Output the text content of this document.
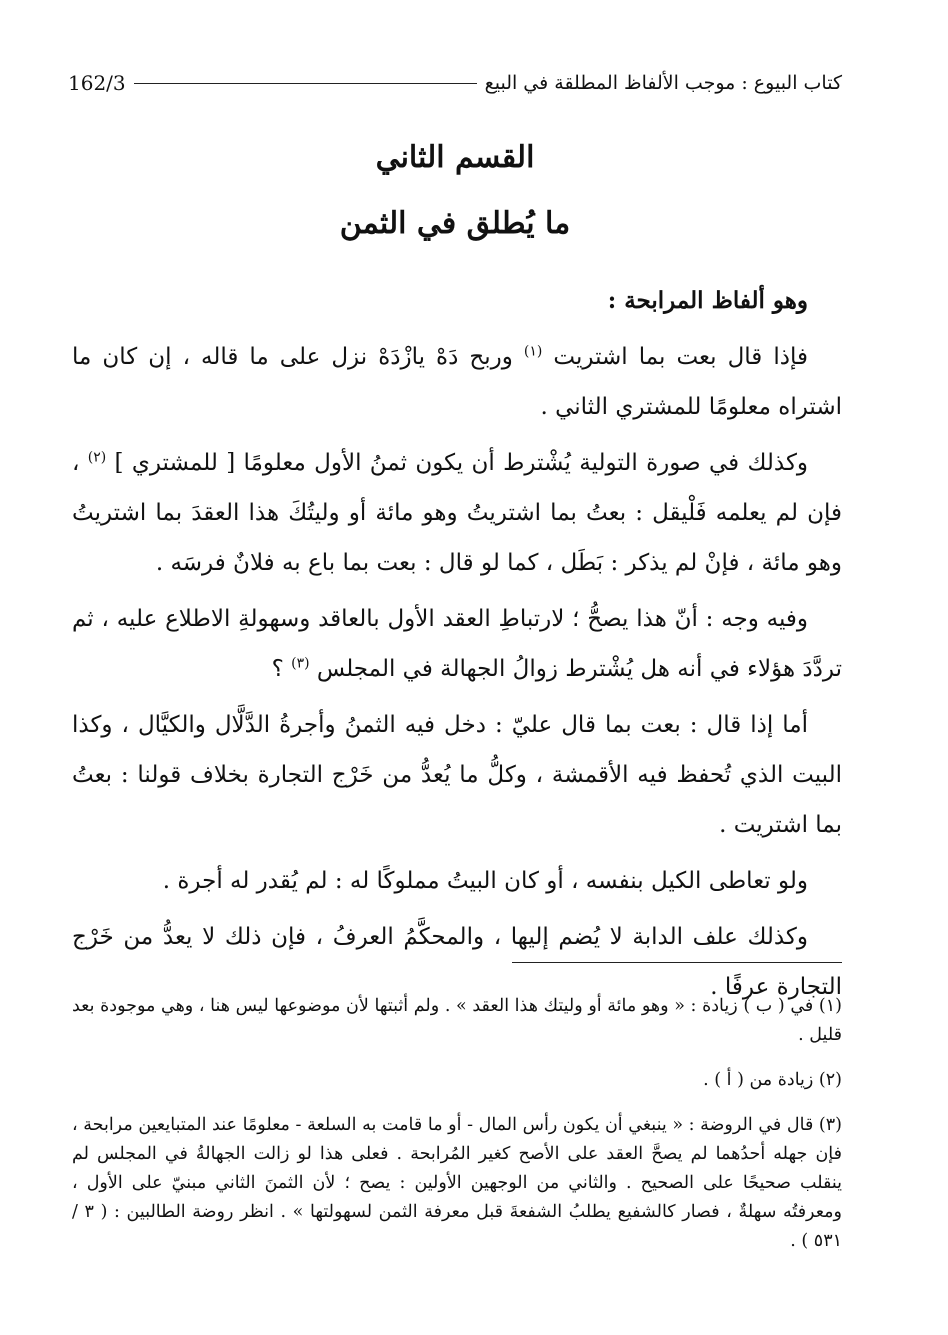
كتاب البيوع : موجب الألفاظ المطلقة في البيع
162/3
القسم الثاني
ما يُطلق في الثمن

وهو ألفاظ المرابحة :

فإذا قال بعت بما اشتريت $^{(١)}$ وربح دَهْ يازْدَهْ نزل على ما قاله ، إن كان ما اشتراه معلومًا للمشتري الثاني .

وكذلك في صورة التولية يُشْترط أن يكون ثمنُ الأول معلومًا [ للمشتري ] $^{(٢)}$ ، فإن لم يعلمه فَلْيقل : بعتُ بما اشتريتُ وهو مائة أو وليتُكَ هذا العقدَ بما اشتريتُ وهو مائة ، فإنْ لم يذكر : بَطَل ، كما لو قال : بعت بما باع به فلانٌ فرسَه .

وفيه وجه : أنّ هذا يصحُّ ؛ لارتباطِ العقد الأول بالعاقد وسهولةِ الاطلاع عليه ، ثم تردَّدَ هؤلاء في أنه هل يُشْترط زوالُ الجهالة في المجلس $^{(٣)}$ ؟

أما إذا قال : بعت بما قال عليّ : دخل فيه الثمنُ وأجرةُ الدَّلَّال والكيَّال ، وكذا البيت الذي تُحفظ فيه الأقمشة ، وكلُّ ما يُعدُّ من خَرْج التجارة بخلاف قولنا : بعتُ بما اشتريت .

ولو تعاطى الكيل بنفسه ، أو كان البيتُ مملوكًا له : لم يُقدر له أجرة .

وكذلك علف الدابة لا يُضم إليها ، والمحكَّمُ العرفُ ، فإن ذلك لا يعدُّ من خَرْج التجارة عرفًا .

(١) في ( ب ) زيادة : « وهو مائة أو وليتك هذا العقد » . ولم أثبتها لأن موضوعها ليس هنا ، وهي موجودة بعد قليل .

(٢) زيادة من ( أ ) .

(٣) قال في الروضة : « ينبغي أن يكون رأس المال - أو ما قامت به السلعة - معلومًا عند المتبايعين مرابحة ، فإن جهله أحدُهما لم يصحَّ العقد على الأصح كغير المُرابحة . فعلى هذا لو زالت الجهالةُ في المجلس لم ينقلب صحيحًا على الصحيح . والثاني من الوجهين الأولين : يصح ؛ لأن الثمنَ الثاني مبنيّ على الأول ، ومعرفتُه سهلةٌ ، فصار كالشفيع يطلبُ الشفعةَ قبل معرفة الثمن لسهولتها » . انظر روضة الطالبين : ( ٣ / ٥٣١ ) .
